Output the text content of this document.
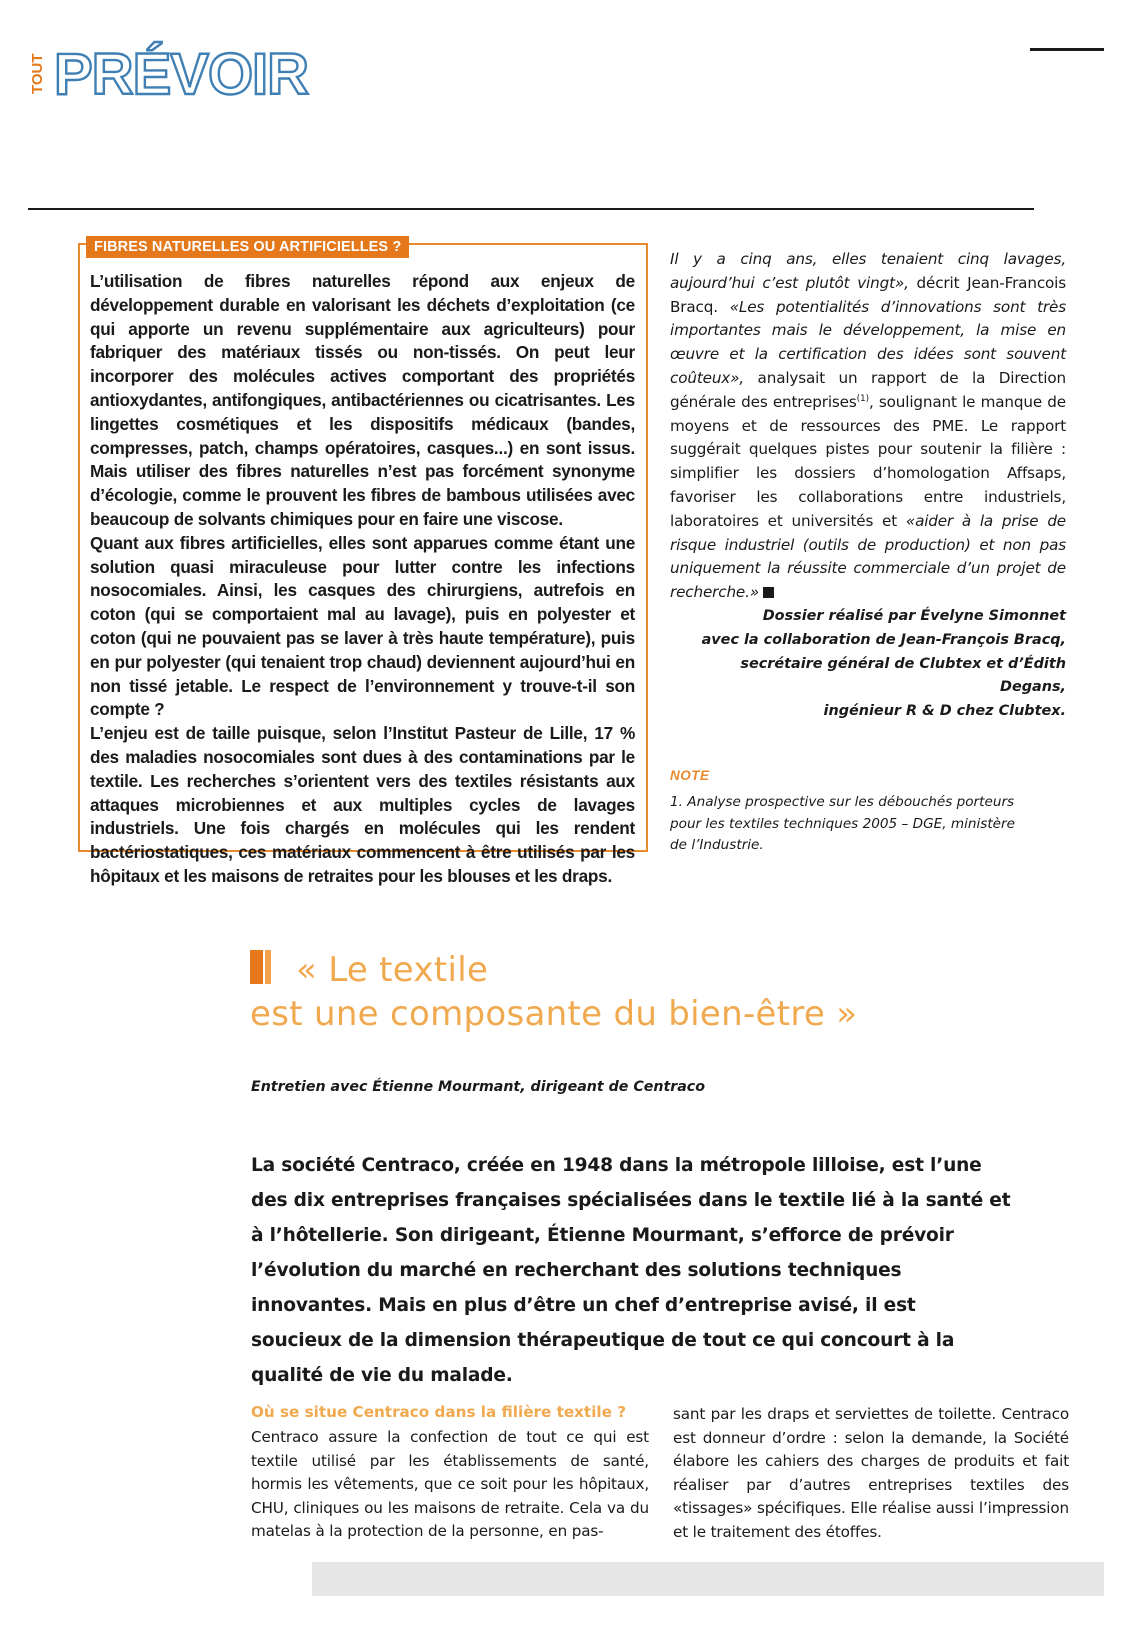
TOUT PRÉVOIR
FIBRES NATURELLES OU ARTIFICIELLES ?

L’utilisation de fibres naturelles répond aux enjeux de développement durable en valorisant les déchets d’exploitation (ce qui apporte un revenu supplémentaire aux agriculteurs) pour fabriquer des matériaux tissés ou non-tissés. On peut leur incorporer des molécules actives comportant des propriétés antioxydantes, antifongiques, antibactériennes ou cicatrisantes. Les lingettes cosmétiques et les dispositifs médicaux (bandes, compresses, patch, champs opératoires, casques...) en sont issus. Mais utiliser des fibres naturelles n’est pas forcément synonyme d’écologie, comme le prouvent les fibres de bambous utilisées avec beaucoup de solvants chimiques pour en faire une viscose.

Quant aux fibres artificielles, elles sont apparues comme étant une solution quasi miraculeuse pour lutter contre les infections nosocomiales. Ainsi, les casques des chirurgiens, autrefois en coton (qui se comportaient mal au lavage), puis en polyester et coton (qui ne pouvaient pas se laver à très haute température), puis en pur polyester (qui tenaient trop chaud) deviennent aujourd’hui en non tissé jetable. Le respect de l’environnement y trouve-t-il son compte ?

L’enjeu est de taille puisque, selon l’Institut Pasteur de Lille, 17 % des maladies nosocomiales sont dues à des contaminations par le textile. Les recherches s’orientent vers des textiles résistants aux attaques microbiennes et aux multiples cycles de lavages industriels. Une fois chargés en molécules qui les rendent bactériostatiques, ces matériaux commencent à être utilisés par les hôpitaux et les maisons de retraites pour les blouses et les draps.

Il y a cinq ans, elles tenaient cinq lavages, aujourd’hui c’est plutôt vingt», décrit Jean-Francois Bracq. «Les potentialités d’innovations sont très importantes mais le développement, la mise en œuvre et la certification des idées sont souvent coûteux», analysait un rapport de la Direction générale des entreprises$^{(1)}$, soulignant le manque de moyens et de ressources des PME. Le rapport suggérait quelques pistes pour soutenir la filière : simplifier les dossiers d’homologation Affsaps, favoriser les collaborations entre industriels, laboratoires et universités et «aider à la prise de risque industriel (outils de production) et non pas uniquement la réussite commerciale d’un projet de recherche.»
Dossier réalisé par Évelyne Simonnet
avec la collaboration de Jean-François Bracq,
secrétaire général de Clubtex et d’Édith Degans,
ingénieur R & D chez Clubtex.
NOTE
1. Analyse prospective sur les débouchés porteurs pour les textiles techniques 2005 – DGE, ministère de l’Industrie.
« Le textile
est une composante du bien-être »
Entretien avec Étienne Mourmant, dirigeant de Centraco
La société Centraco, créée en 1948 dans la métropole lilloise, est l’une des dix entreprises françaises spécialisées dans le textile lié à la santé et à l’hôtellerie. Son dirigeant, Étienne Mourmant, s’efforce de prévoir l’évolution du marché en recherchant des solutions techniques innovantes. Mais en plus d’être un chef d’entreprise avisé, il est soucieux de la dimension thérapeutique de tout ce qui concourt à la qualité de vie du malade.
Où se situe Centraco dans la filière textile ?
Centraco assure la confection de tout ce qui est textile utilisé par les établissements de santé, hormis les vêtements, que ce soit pour les hôpitaux, CHU, cliniques ou les maisons de retraite. Cela va du matelas à la protection de la personne, en pas-
sant par les draps et serviettes de toilette. Centraco est donneur d’ordre : selon la demande, la Société élabore les cahiers des charges de produits et fait réaliser par d’autres entreprises textiles des «tissages» spécifiques. Elle réalise aussi l’impression et le traitement des étoffes.
